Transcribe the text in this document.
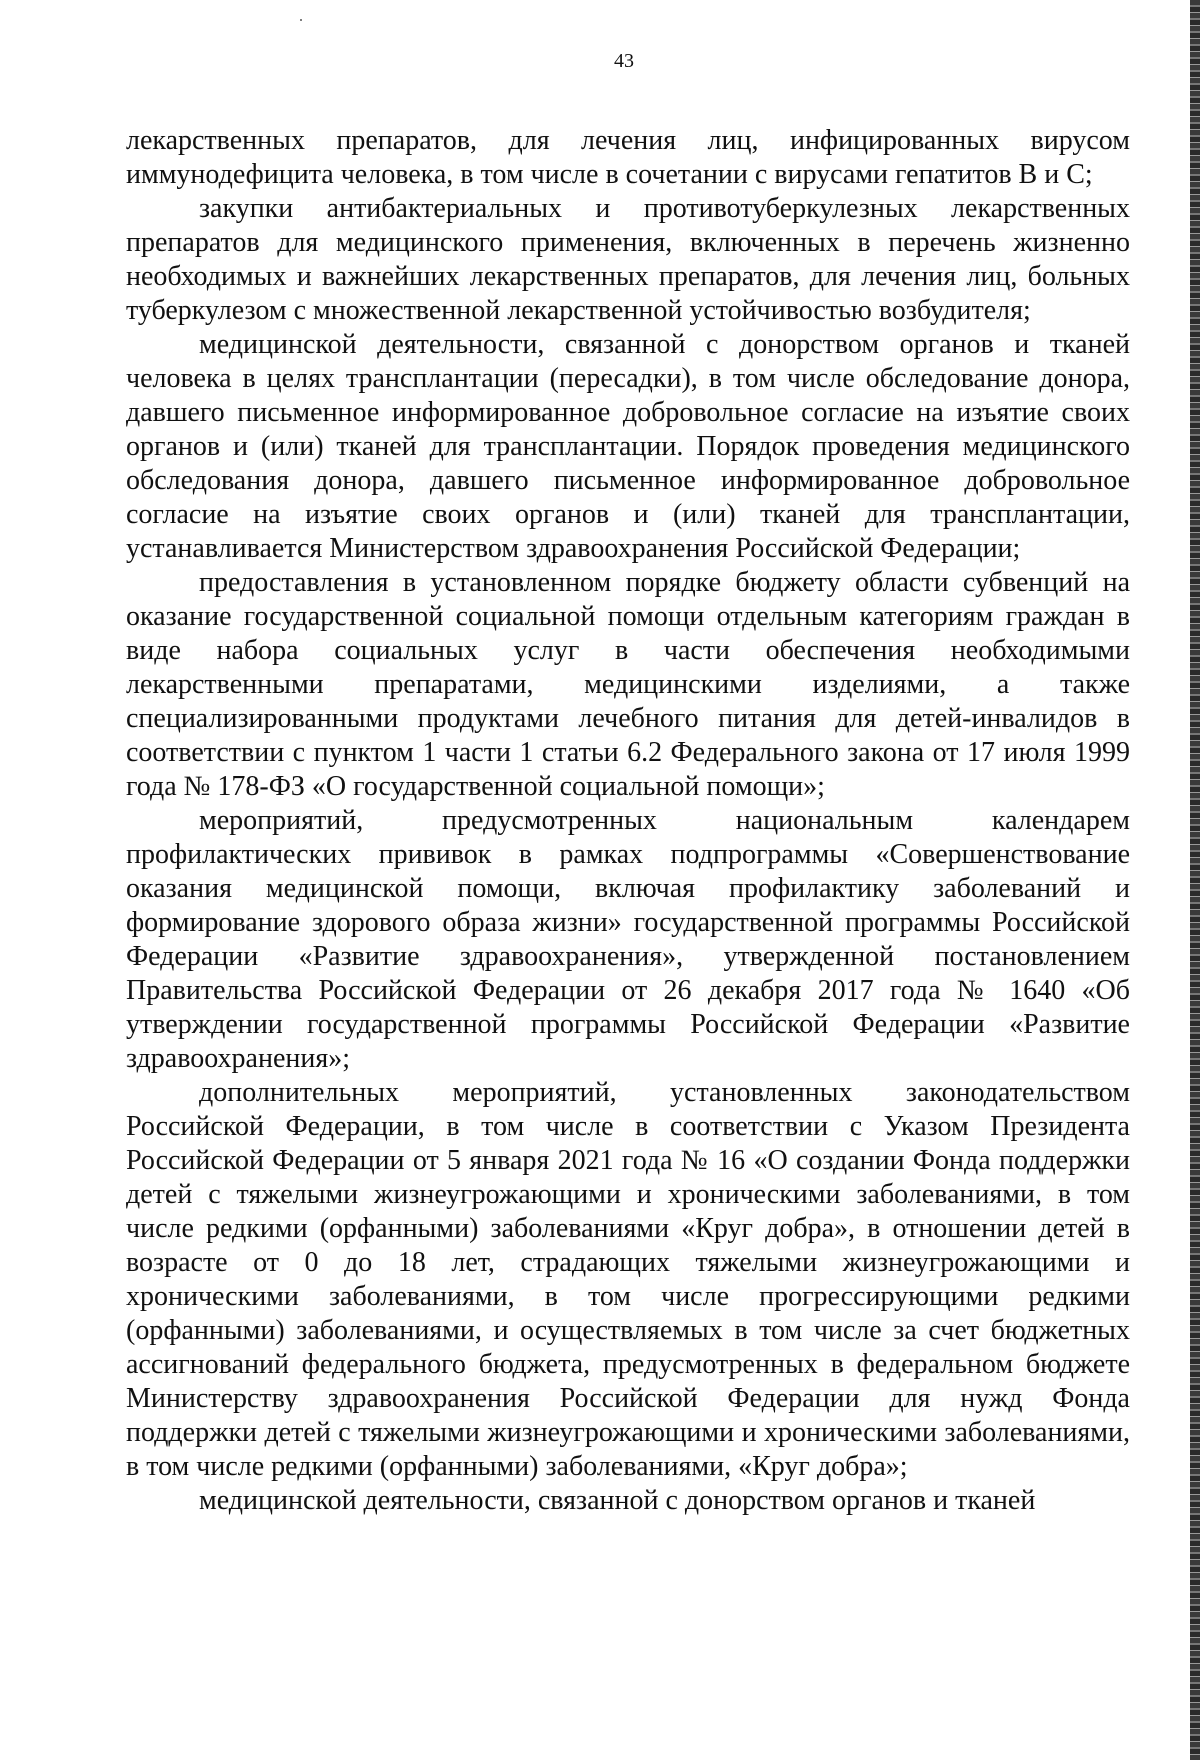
43

лекарственных препаратов, для лечения лиц, инфицированных вирусом иммунодефицита человека, в том числе в сочетании с вирусами гепатитов В и С;

закупки антибактериальных и противотуберкулезных лекарственных препаратов для медицинского применения, включенных в перечень жизненно необходимых и важнейших лекарственных препаратов, для лечения лиц, больных туберкулезом с множественной лекарственной устойчивостью возбудителя;

медицинской деятельности, связанной с донорством органов и тканей человека в целях трансплантации (пересадки), в том числе обследование донора, давшего письменное информированное добровольное согласие на изъятие своих органов и (или) тканей для трансплантации. Порядок проведения медицинского обследования донора, давшего письменное информированное добровольное согласие на изъятие своих органов и (или) тканей для трансплантации, устанавливается Министерством здравоохранения Российской Федерации;

предоставления в установленном порядке бюджету области субвенций на оказание государственной социальной помощи отдельным категориям граждан в виде набора социальных услуг в части обеспечения необходимыми лекарственными препаратами, медицинскими изделиями, а также специализированными продуктами лечебного питания для детей-инвалидов в соответствии с пунктом 1 части 1 статьи 6.2 Федерального закона от 17 июля 1999 года № 178-ФЗ «О государственной социальной помощи»;

мероприятий, предусмотренных национальным календарем профилактических прививок в рамках подпрограммы «Совершенствование оказания медицинской помощи, включая профилактику заболеваний и формирование здорового образа жизни» государственной программы Российской Федерации «Развитие здравоохранения», утвержденной постановлением Правительства Российской Федерации от 26 декабря 2017 года № 1640 «Об утверждении государственной программы Российской Федерации «Развитие здравоохранения»;

дополнительных мероприятий, установленных законодательством Российской Федерации, в том числе в соответствии с Указом Президента Российской Федерации от 5 января 2021 года № 16 «О создании Фонда поддержки детей с тяжелыми жизнеугрожающими и хроническими заболеваниями, в том числе редкими (орфанными) заболеваниями «Круг добра», в отношении детей в возрасте от 0 до 18 лет, страдающих тяжелыми жизнеугрожающими и хроническими заболеваниями, в том числе прогрессирующими редкими (орфанными) заболеваниями, и осуществляемых в том числе за счет бюджетных ассигнований федерального бюджета, предусмотренных в федеральном бюджете Министерству здравоохранения Российской Федерации для нужд Фонда поддержки детей с тяжелыми жизнеугрожающими и хроническими заболеваниями, в том числе редкими (орфанными) заболеваниями, «Круг добра»;

медицинской деятельности, связанной с донорством органов и тканей
